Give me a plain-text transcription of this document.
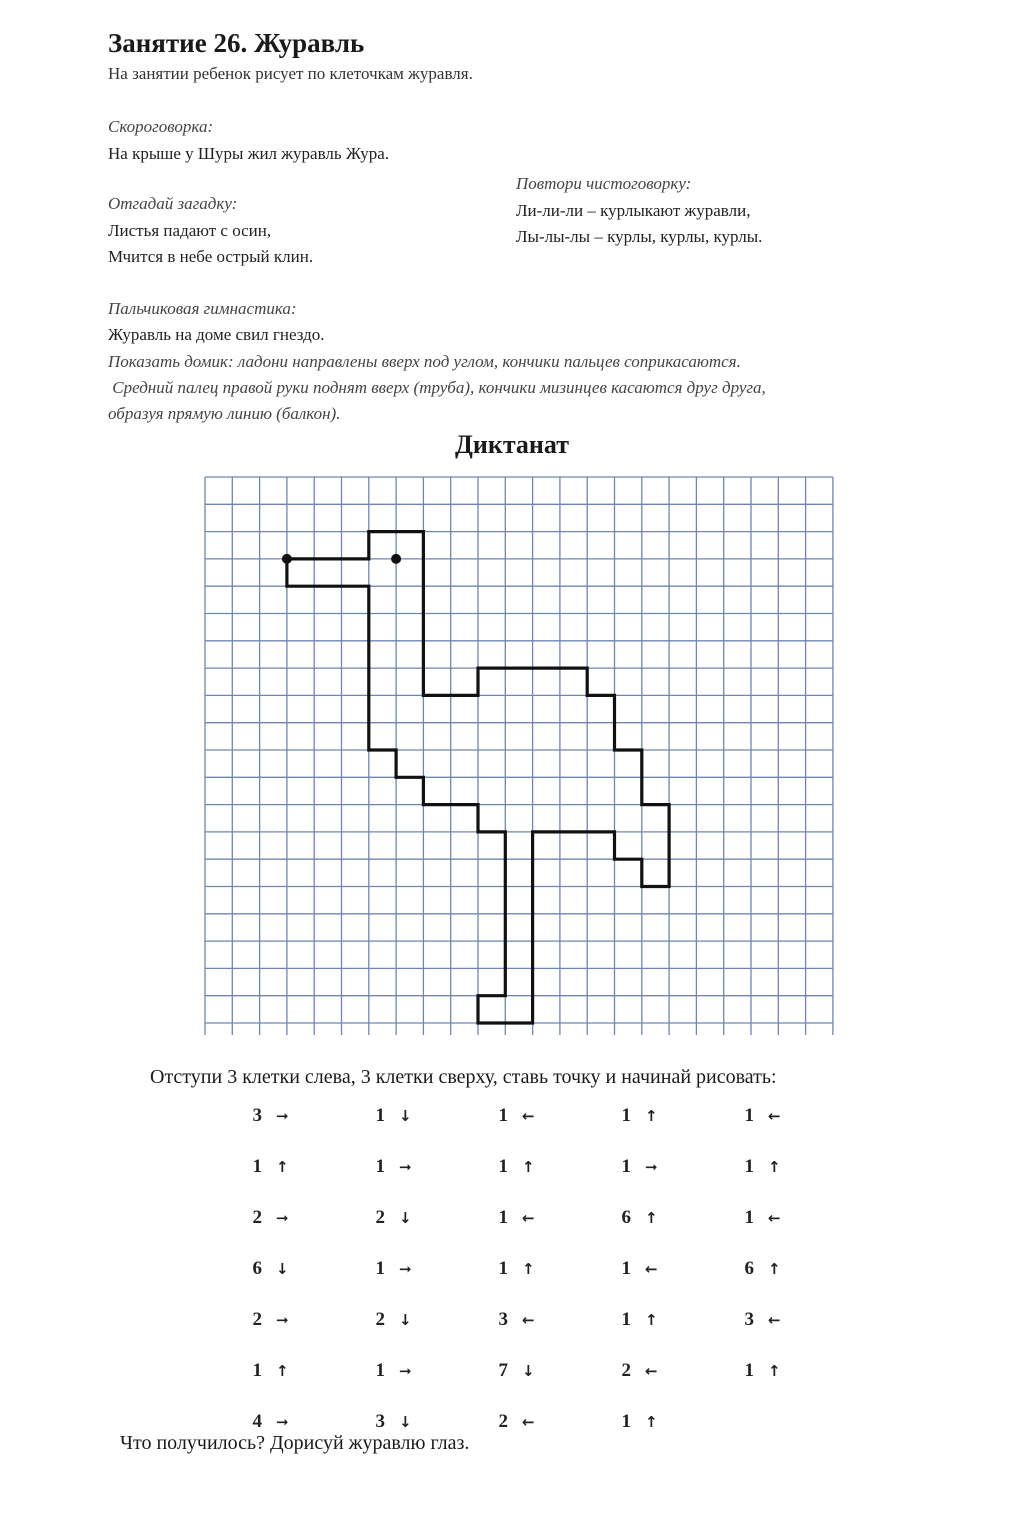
Занятие 26. Журавль
На занятии ребенок рисует по клеточкам журавля.
Скороговорка:
На крыше у Шуры жил журавль Жура.
Отгадай загадку:
Листья падают с осин,
Мчится в небе острый клин.
Повтори чистоговорку:
Ли-ли-ли – курлыкают журавли,
Лы-лы-лы – курлы, курлы, курлы.
Пальчиковая гимнастика:
Журавль на доме свил гнездо.
Показать домик: ладони направлены вверх под углом, кончики пальцев соприкасаются.
Средний палец правой руки поднят вверх (труба), кончики мизинцев касаются друг друга,
образуя прямую линию (балкон).
Диктанат
Отступи 3 клетки слева, 3 клетки сверху, ставь точку и начинай рисовать:
3 ➞	1 ↓	1 ←	1 ↑	1 ←

1 ↑	1 ➞	1 ↑	1 ➞	1 ↑

2 ➞	2 ↓	1 ←	6 ↑	1 ←

6 ↓	1 ➞	1 ↑	1 ←	6 ↑

2 ➞	2 ↓	3 ←	1 ↑	3 ←

1 ↑	1 ➞	7 ↓	2 ←	1 ↑

4 ➞	3 ↓	2 ←	1 ↑	

Что получилось? Дорисуй журавлю глаз.
